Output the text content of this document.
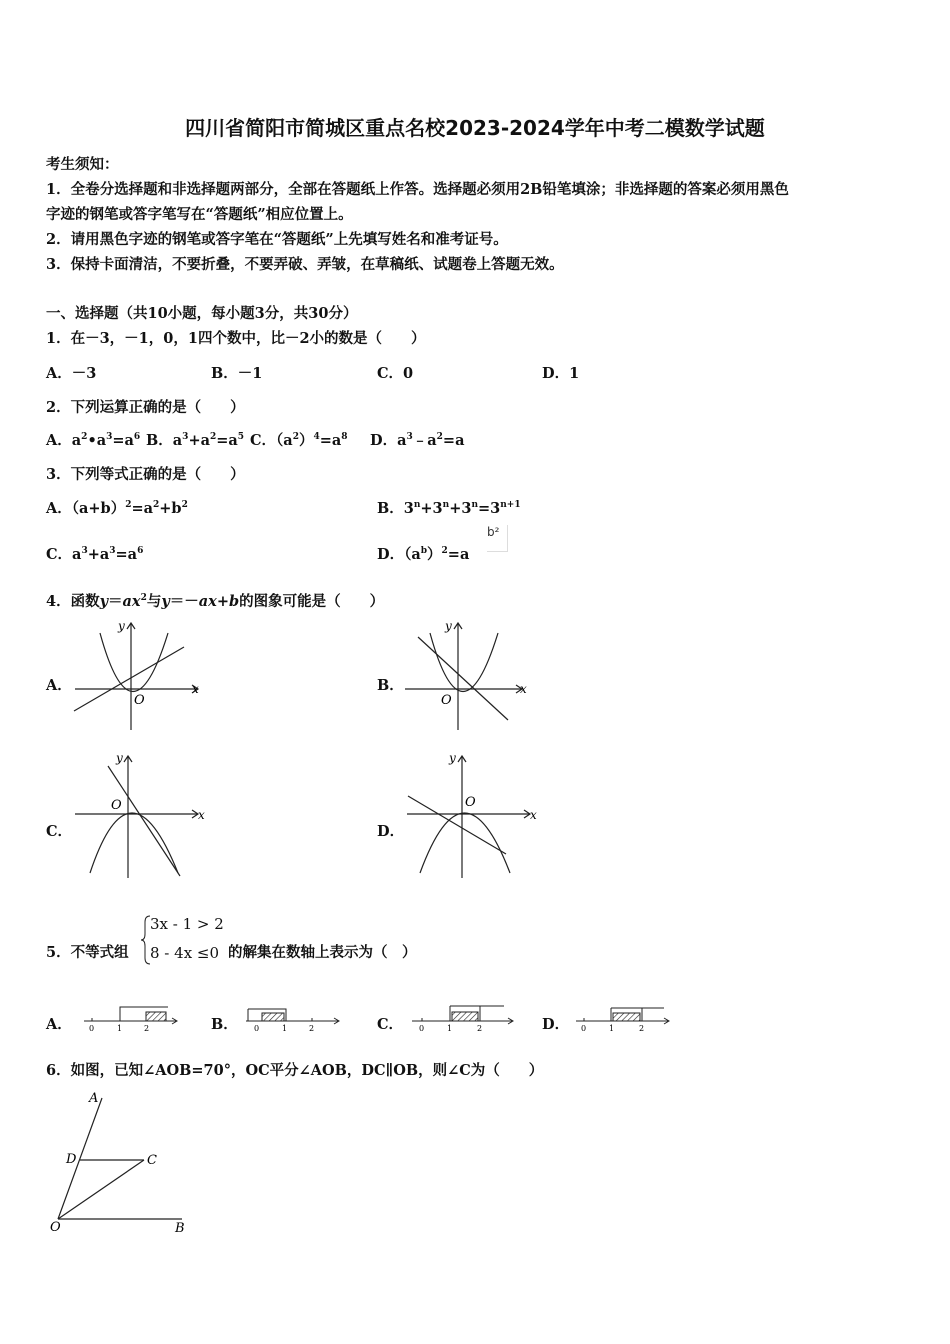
四川省简阳市简城区重点名校2023-2024学年中考二模数学试题
考生须知：
1．全卷分选择题和非选择题两部分，全部在答题纸上作答。选择题必须用2B铅笔填涂；非选择题的答案必须用黑色
字迹的钢笔或答字笔写在“答题纸”相应位置上。
2．请用黑色字迹的钢笔或答字笔在“答题纸”上先填写姓名和准考证号。
3．保持卡面清洁，不要折叠，不要弄破、弄皱，在草稿纸、试题卷上答题无效。
一、选择题（共10小题，每小题3分，共30分）
1．在－3，－1，0，1四个数中，比－2小的数是（　　）
A．－3	B．－1	C．0	D．1
2．下列运算正确的是（　　）
A．$a^2•a^3=a^6$ B．$a^3+a^2=a^5$ C．$(a^2)^4=a^8$ D．$a^3﹣a^2=a$
3．下列等式正确的是（　　）
A．$(a+b)^2=a^2+b^2$	B．$3^n+3^n+3^n=3^{n+1}$
C．$a^3+a^3=a^6$	D．$(a^b)^2=a$
b²
4．函数$y=ax^2$与y＝－ax+b的图象可能是（　　）
A．	B．
C．	D．
x
y
O
x
y
O
x
y
O
x
y
O
5．不等式组
3x - 1 > 2
8 - 4x ≤0 的解集在数轴上表示为（　）
A．	B．	C．	D．
0	1	2	0	1	2	0	1	2	0	1	2
6．如图，已知∠AOB=70°，OC平分∠AOB，DC∥OB，则∠C为（　　）
A
D	C
O	B
